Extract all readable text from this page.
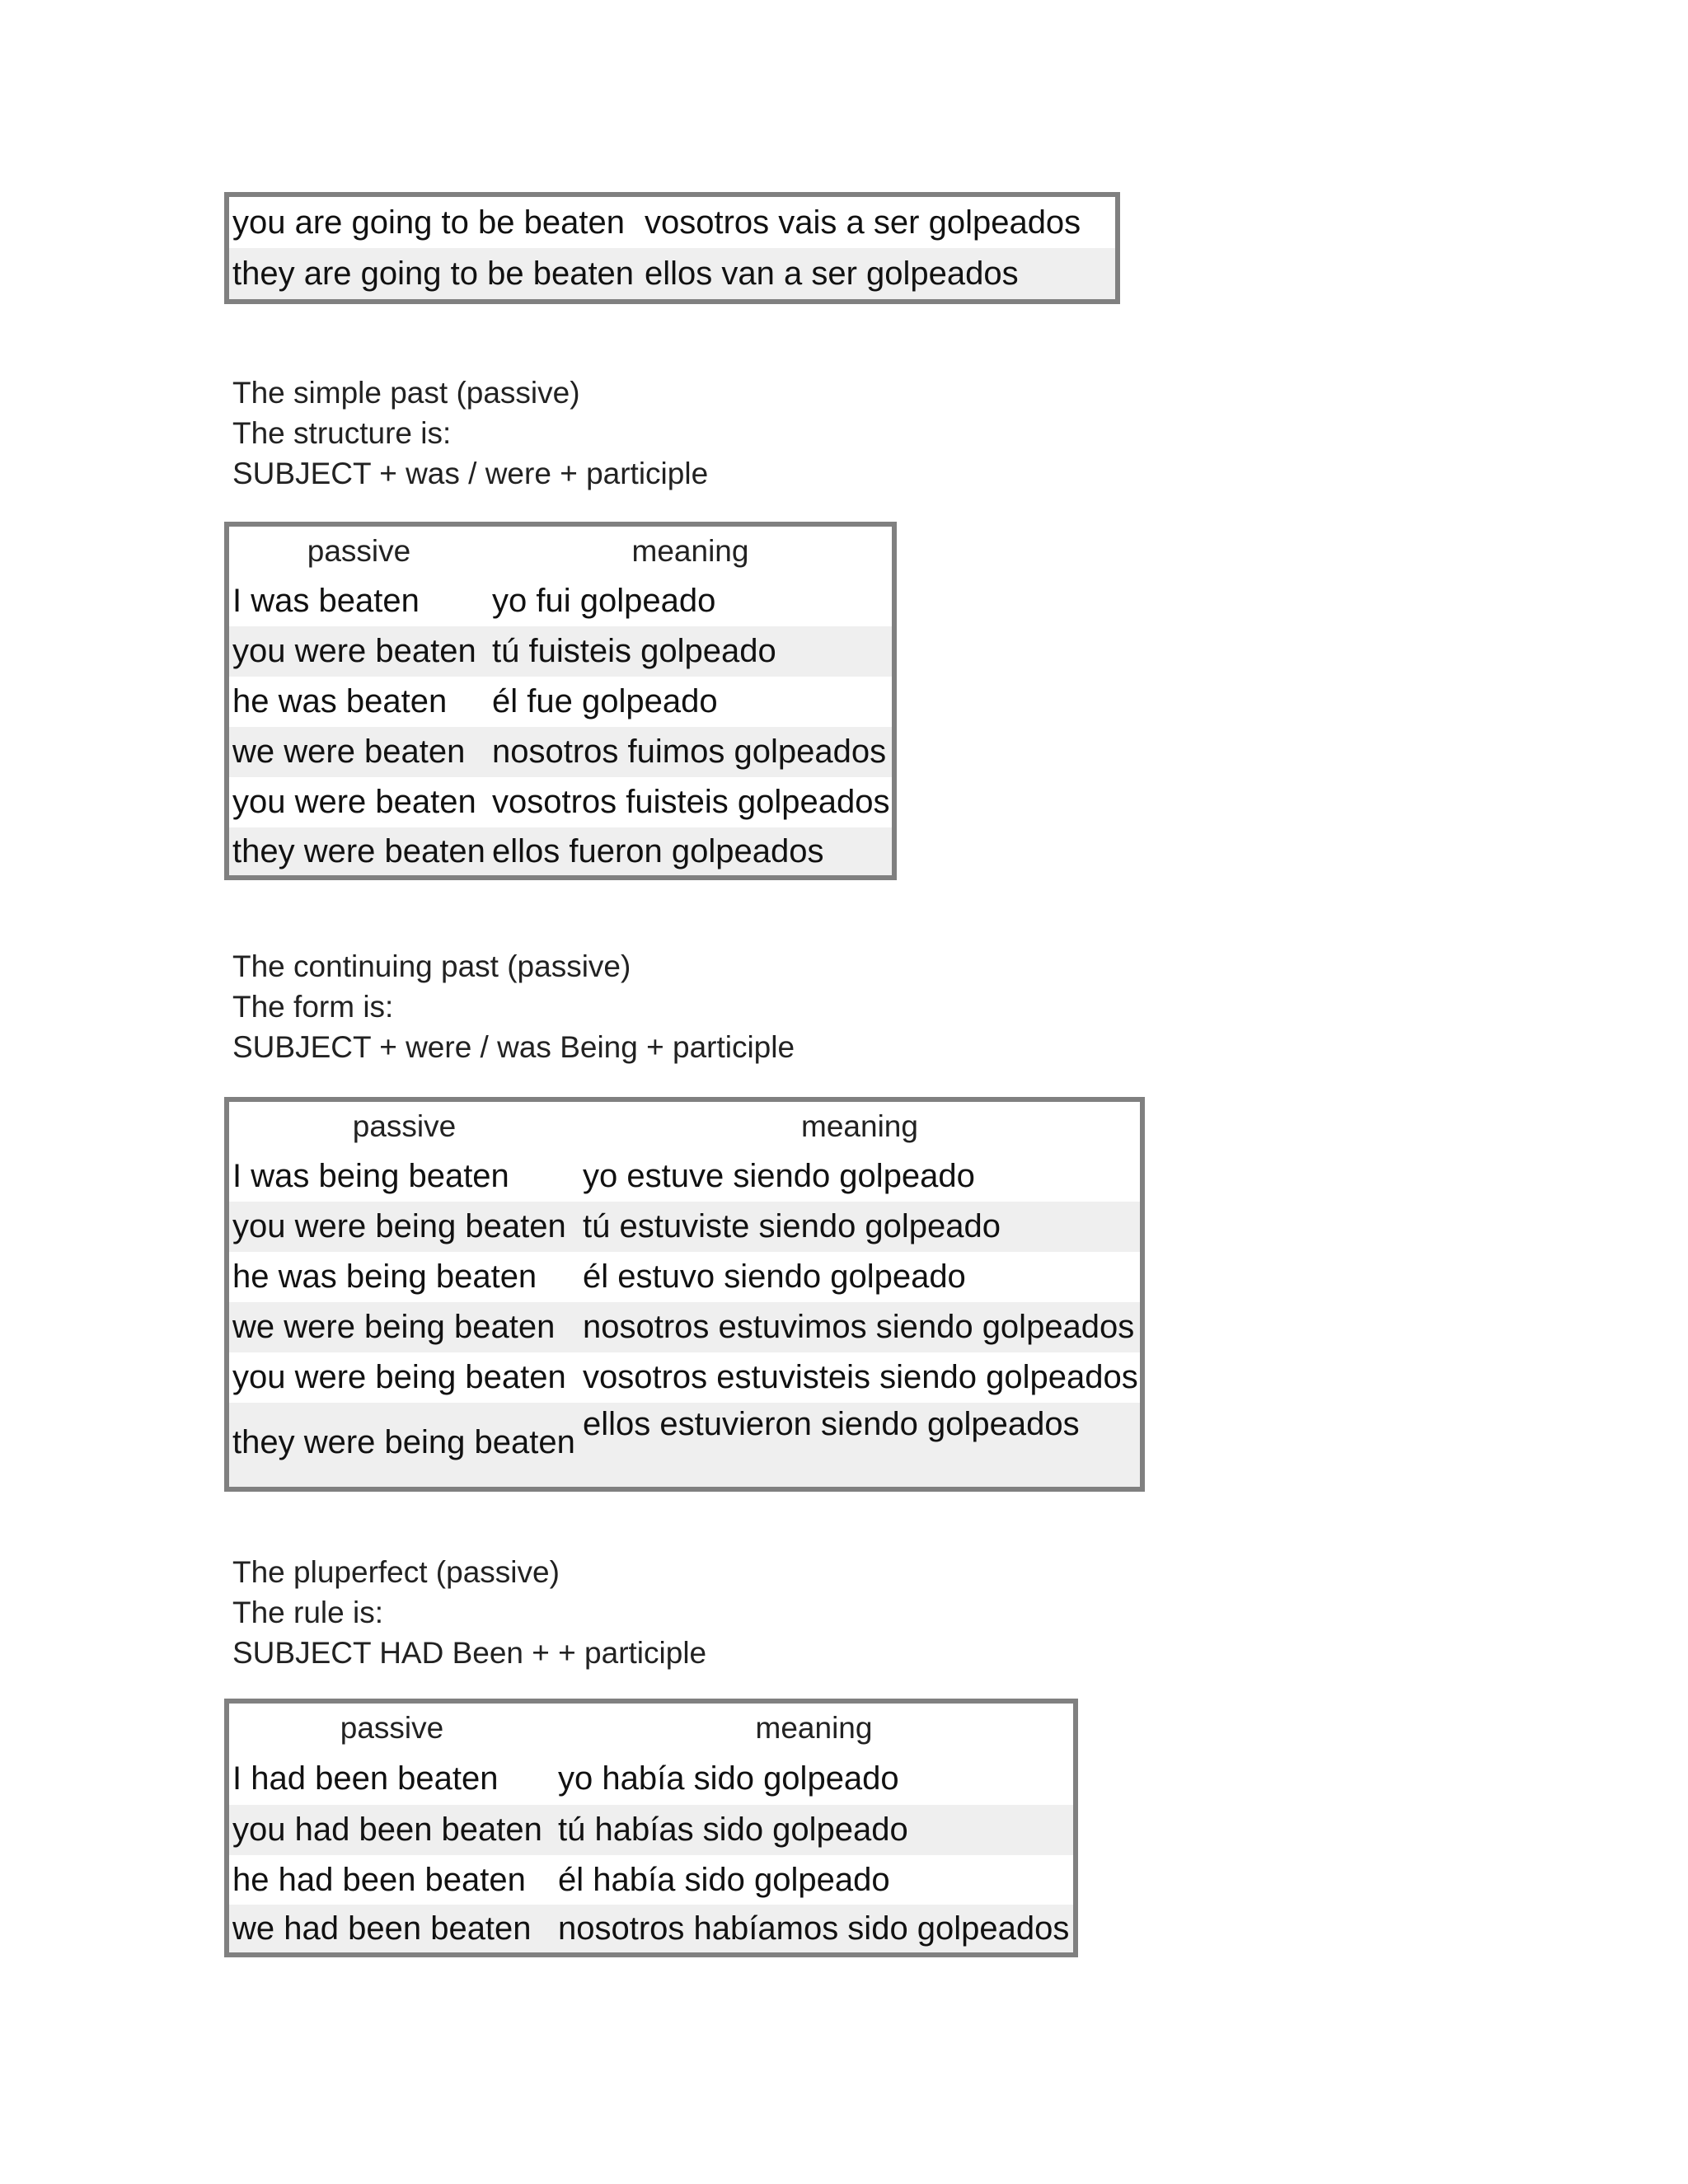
you are going to be beaten vosotros vais a ser golpeados
they are going to be beaten ellos van a ser golpeados
The simple past (passive)
The structure is:
SUBJECT + was / were + participle
passive	meaning
I was beaten	yo fui golpeado
you were beaten tú fuisteis golpeado
he was beaten	él fue golpeado
we were beaten nosotros fuimos golpeados
you were beaten vosotros fuisteis golpeados
they were beaten ellos fueron golpeados
The continuing past (passive)
The form is:
SUBJECT + were / was Being + participle
passive	meaning
I was being beaten	yo estuve siendo golpeado
you were being beaten tú estuviste siendo golpeado
he was being beaten	él estuvo siendo golpeado
we were being beaten nosotros estuvimos siendo golpeados
you were being beaten vosotros estuvisteis siendo golpeados
they were being beaten ellos estuvieron siendo golpeados
The pluperfect (passive)
The rule is:
SUBJECT HAD Been + + participle
passive	meaning
I had been beaten	yo había sido golpeado
you had been beaten tú habías sido golpeado
he had been beaten él había sido golpeado
we had been beaten nosotros habíamos sido golpeados
